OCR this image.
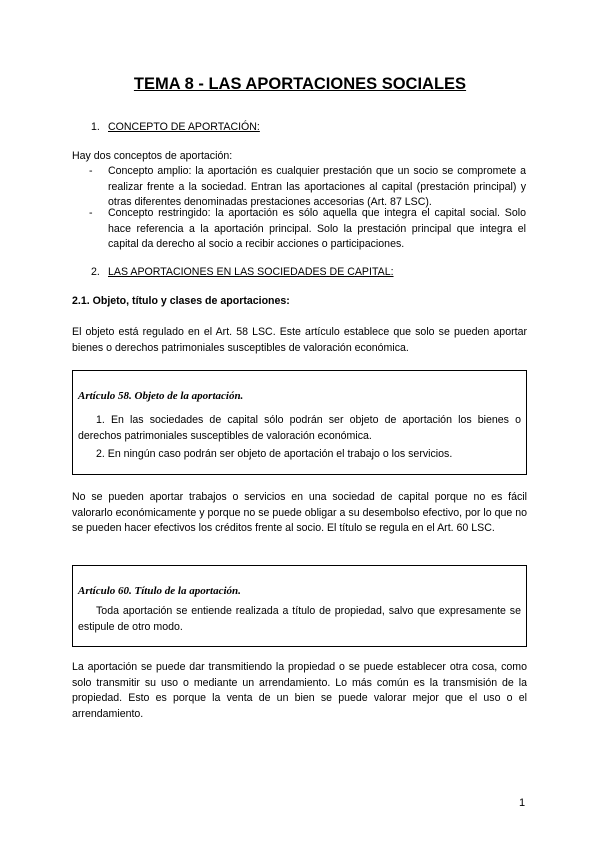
TEMA 8 - LAS APORTACIONES SOCIALES
1. CONCEPTO DE APORTACIÓN:
Hay dos conceptos de aportación:
- Concepto amplio: la aportación es cualquier prestación que un socio se compromete a realizar frente a la sociedad. Entran las aportaciones al capital (prestación principal) y otras diferentes denominadas prestaciones accesorias (Art. 87 LSC).
- Concepto restringido: la aportación es sólo aquella que integra el capital social. Solo hace referencia a la aportación principal. Solo la prestación principal que integra el capital da derecho al socio a recibir acciones o participaciones.
2. LAS APORTACIONES EN LAS SOCIEDADES DE CAPITAL:
2.1. Objeto, título y clases de aportaciones:
El objeto está regulado en el Art. 58 LSC. Este artículo establece que solo se pueden aportar bienes o derechos patrimoniales susceptibles de valoración económica.
Artículo 58. Objeto de la aportación.
1. En las sociedades de capital sólo podrán ser objeto de aportación los bienes o derechos patrimoniales susceptibles de valoración económica.
2. En ningún caso podrán ser objeto de aportación el trabajo o los servicios.
No se pueden aportar trabajos o servicios en una sociedad de capital porque no es fácil valorarlo económicamente y porque no se puede obligar a su desembolso efectivo, por lo que no se pueden hacer efectivos los créditos frente al socio. El título se regula en el Art. 60 LSC.
Artículo 60. Título de la aportación.
Toda aportación se entiende realizada a título de propiedad, salvo que expresamente se estipule de otro modo.
La aportación se puede dar transmitiendo la propiedad o se puede establecer otra cosa, como solo transmitir su uso o mediante un arrendamiento. Lo más común es la transmisión de la propiedad. Esto es porque la venta de un bien se puede valorar mejor que el uso o el arrendamiento.
1
